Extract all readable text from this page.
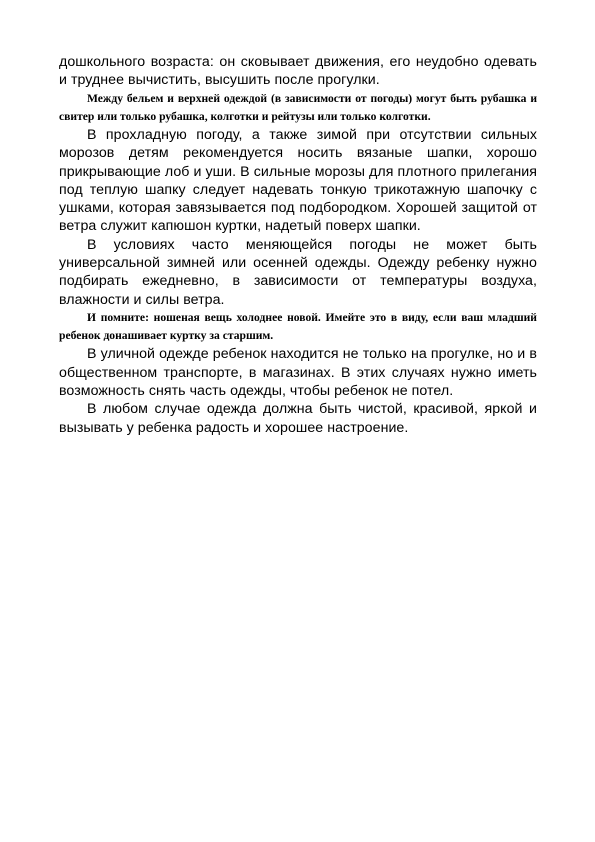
дошкольного возраста: он сковывает движения, его неудобно одевать и труднее вычистить, высушить после прогулки.

Между бельем и верхней одеждой (в зависимости от погоды) могут быть рубашка и свитер или только рубашка, колготки и рейтузы или только колготки.

В прохладную погоду, а также зимой при отсутствии сильных морозов детям рекомендуется носить вязаные шапки, хорошо прикрывающие лоб и уши. В сильные морозы для плотного прилегания под теплую шапку следует надевать тонкую трикотажную шапочку с ушками, которая завязывается под подбородком. Хорошей защитой от ветра служит капюшон куртки, надетый поверх шапки.

В условиях часто меняющейся погоды не может быть универсальной зимней или осенней одежды. Одежду ребенку нужно подбирать ежедневно, в зависимости от температуры воздуха, влажности и силы ветра.

И помните: ношеная вещь холоднее новой. Имейте это в виду, если ваш младший ребенок донашивает куртку за старшим.

В уличной одежде ребенок находится не только на прогулке, но и в общественном транспорте, в магазинах. В этих случаях нужно иметь возможность снять часть одежды, чтобы ребенок не потел.

В любом случае одежда должна быть чистой, красивой, яркой и вызывать у ребенка радость и хорошее настроение.
